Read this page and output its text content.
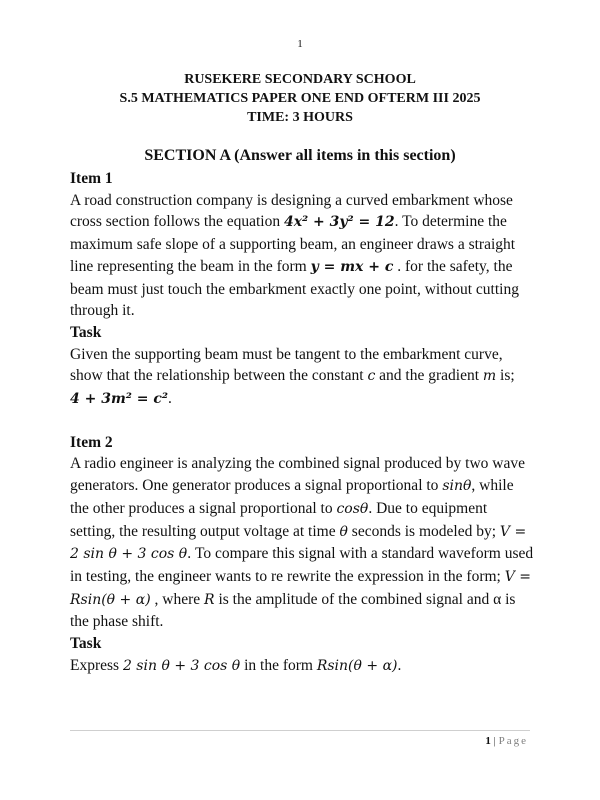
1
RUSEKERE SECONDARY SCHOOL
S.5 MATHEMATICS PAPER ONE END OFTERM III 2025
TIME: 3 HOURS
SECTION A (Answer all items in this section)

Item 1

A road construction company is designing a curved embarkment whose cross section follows the equation 4x² + 3y² = 12. To determine the maximum safe slope of a supporting beam, an engineer draws a straight line representing the beam in the form y = mx + c . for the safety, the beam must just touch the embarkment exactly one point, without cutting through it.

Task

Given the supporting beam must be tangent to the embarkment curve, show that the relationship between the constant c and the gradient m is;
4 + 3m² = c².

Item 2

A radio engineer is analyzing the combined signal produced by two wave generators. One generator produces a signal proportional to sinθ, while the other produces a signal proportional to cosθ. Due to equipment setting, the resulting output voltage at time θ seconds is modeled by; V = 2 sin θ + 3 cos θ. To compare this signal with a standard waveform used in testing, the engineer wants to re rewrite the expression in the form; V = Rsin(θ + α) , where R is the amplitude of the combined signal and α is the phase shift.

Task

Express 2 sin θ + 3 cos θ in the form Rsin(θ + α).

1 | Page
